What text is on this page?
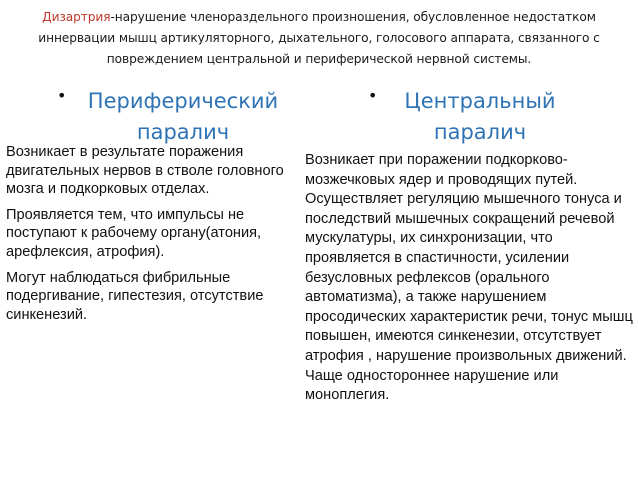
Дизартрия-нарушение членораздельного произношения, обусловленное недостатком иннервации мышц артикуляторного, дыхательного, голосового аппарата, связанного с повреждением центральной и периферической нервной системы.
•	Периферический
паралич
•	Центральный
паралич

Возникает в результате поражения двигательных нервов в стволе головного мозга и подкорковых отделах.

Проявляется тем, что импульсы не поступают к рабочему органу(атония, арефлексия, атрофия).

Могут наблюдаться фибрильные подергивание, гипестезия, отсутствие синкенезий.

Возникает при поражении подкорково-мозжечковых ядер и проводящих путей. Осуществляет регуляцию мышечного тонуса и последствий мышечных сокращений речевой мускулатуры, их синхронизации, что проявляется в спастичности, усилении безусловных рефлексов (орального автоматизма), а также нарушением просодических характеристик речи, тонус мышц повышен, имеются синкенезии, отсутствует атрофия , нарушение произвольных движений. Чаще одностороннее нарушение или моноплегия.
